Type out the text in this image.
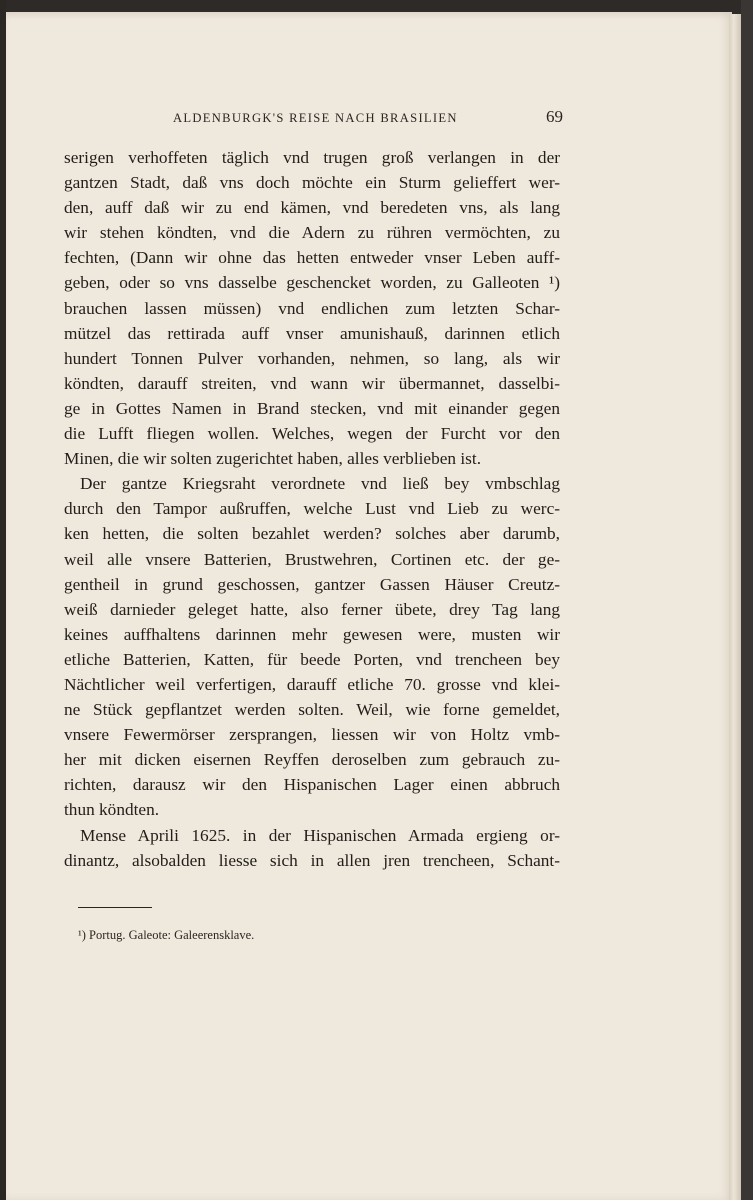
ALDENBURGK'S REISE NACH BRASILIEN	69
serigen verhoffeten täglich vnd trugen groß verlangen in der
gantzen Stadt, daß vns doch möchte ein Sturm gelieffert wer-
den, auff daß wir zu end kämen, vnd beredeten vns, als lang
wir stehen köndten, vnd die Adern zu rühren vermöchten, zu
fechten, (Dann wir ohne das hetten entweder vnser Leben auff-
geben, oder so vns dasselbe geschencket worden, zu Galleoten ¹)
brauchen lassen müssen) vnd endlichen zum letzten Schar-
mützel das rettirada auff vnser amunishauß, darinnen etlich
hundert Tonnen Pulver vorhanden, nehmen, so lang, als wir
köndten, darauff streiten, vnd wann wir übermannet, dasselbi-
ge in Gottes Namen in Brand stecken, vnd mit einander gegen
die Lufft fliegen wollen. Welches, wegen der Furcht vor den
Minen, die wir solten zugerichtet haben, alles verblieben ist.
Der gantze Kriegsraht verordnete vnd ließ bey vmbschlag
durch den Tampor außruffen, welche Lust vnd Lieb zu werc-
ken hetten, die solten bezahlet werden? solches aber darumb,
weil alle vnsere Batterien, Brustwehren, Cortinen etc. der ge-
gentheil in grund geschossen, gantzer Gassen Häuser Creutz-
weiß darnieder geleget hatte, also ferner übete, drey Tag lang
keines auffhaltens darinnen mehr gewesen were, musten wir
etliche Batterien, Katten, für beede Porten, vnd trencheen bey
Nächtlicher weil verfertigen, darauff etliche 70. grosse vnd klei-
ne Stück gepflantzet werden solten. Weil, wie forne gemeldet,
vnsere Fewermörser zersprangen, liessen wir von Holtz vmb-
her mit dicken eisernen Reyffen deroselben zum gebrauch zu-
richten, darausz wir den Hispanischen Lager einen abbruch
thun köndten.
Mense Aprili 1625. in der Hispanischen Armada ergieng or-
dinantz, alsobalden liesse sich in allen jren trencheen, Schant-
¹) Portug. Galeote: Galeerensklave.
